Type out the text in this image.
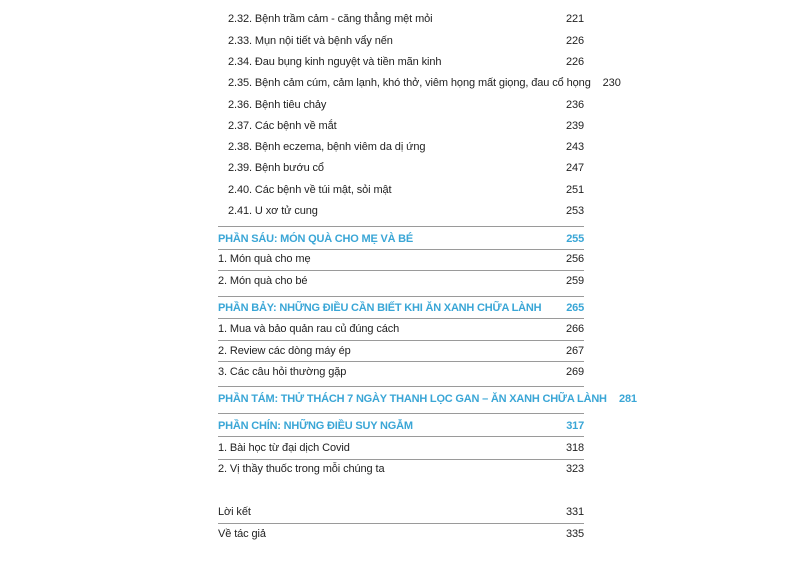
2.32. Bệnh trầm cảm - căng thẳng mệt mỏi	221
2.33. Mụn nội tiết và bệnh vẩy nến	226
2.34. Đau bụng kinh nguyệt và tiền mãn kinh	226
2.35. Bệnh cảm cúm, cảm lạnh, khó thở, viêm họng mất giọng, đau cổ họng	230
2.36. Bệnh tiêu chảy	236
2.37. Các bệnh về mắt	239
2.38. Bệnh eczema, bệnh viêm da dị ứng	243
2.39. Bệnh bướu cổ	247
2.40. Các bệnh về túi mật, sỏi mật	251
2.41. U xơ tử cung	253
PHẦN SÁU: MÓN QUÀ CHO MẸ VÀ BÉ	255
1. Món quà cho mẹ	256
2. Món quà cho bé	259
PHẦN BẢY: NHỮNG ĐIỀU CẦN BIẾT KHI ĂN XANH CHỮA LÀNH	265
1. Mua và bảo quản rau củ đúng cách	266
2. Review các dòng máy ép	267
3. Các câu hỏi thường gặp	269
PHẦN TÁM: THỬ THÁCH 7 NGÀY THANH LỌC GAN – ĂN XANH CHỮA LÀNH	281
PHẦN CHÍN: NHỮNG ĐIỀU SUY NGẪM	317
1. Bài học từ đại dịch Covid	318
2. Vị thầy thuốc trong mỗi chúng ta	323
Lời kết	331
Về tác giả	335
